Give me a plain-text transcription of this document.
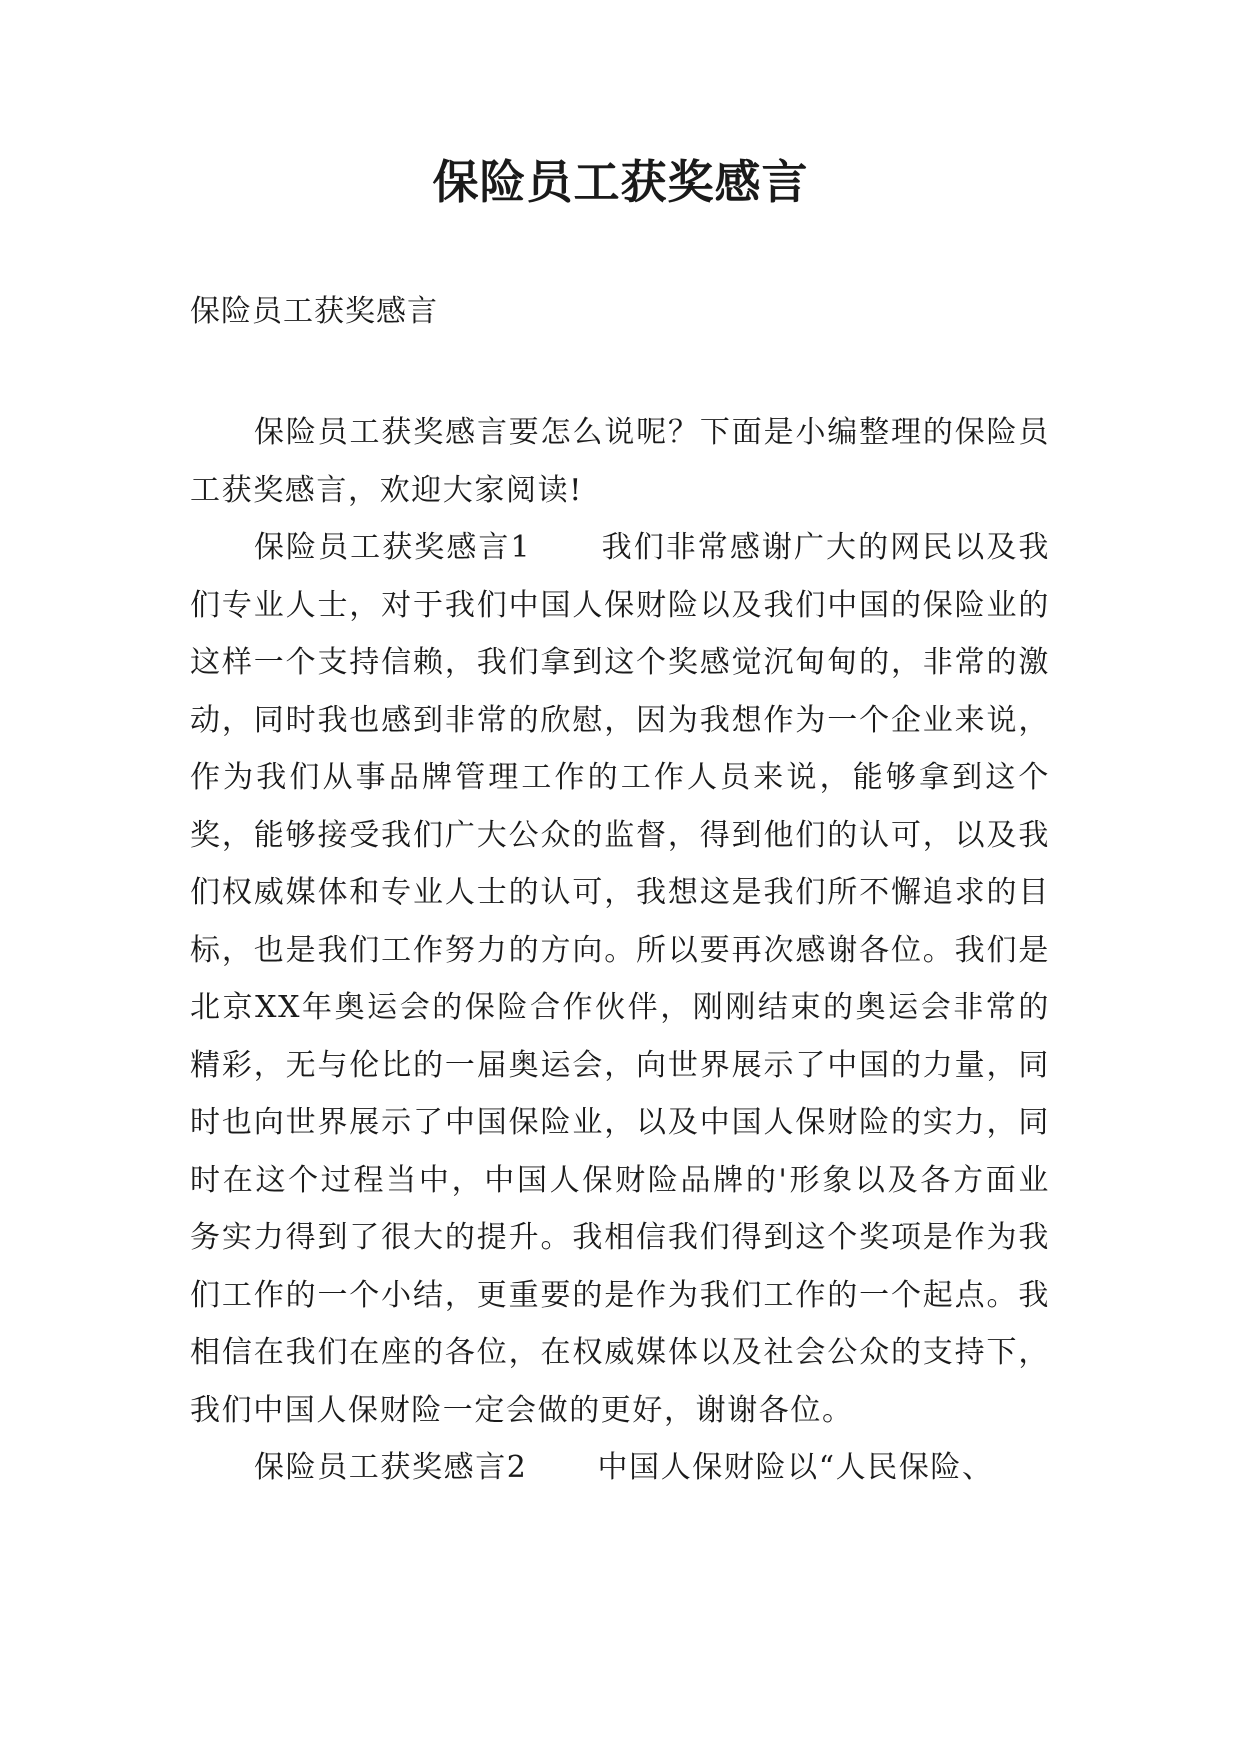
保险员工获奖感言

保险员工获奖感言

保险员工获奖感言要怎么说呢？下面是小编整理的保险员工获奖感言，欢迎大家阅读!

保险员工获奖感言1 我们非常感谢广大的网民以及我们专业人士，对于我们中国人保财险以及我们中国的保险业的这样一个支持信赖，我们拿到这个奖感觉沉甸甸的，非常的激动，同时我也感到非常的欣慰，因为我想作为一个企业来说，作为我们从事品牌管理工作的工作人员来说，能够拿到这个奖，能够接受我们广大公众的监督，得到他们的认可，以及我们权威媒体和专业人士的认可，我想这是我们所不懈追求的目标，也是我们工作努力的方向。所以要再次感谢各位。我们是北京XX年奥运会的保险合作伙伴，刚刚结束的奥运会非常的精彩，无与伦比的一届奥运会，向世界展示了中国的力量，同时也向世界展示了中国保险业，以及中国人保财险的实力，同时在这个过程当中，中国人保财险品牌的'形象以及各方面业务实力得到了很大的提升。我相信我们得到这个奖项是作为我们工作的一个小结，更重要的是作为我们工作的一个起点。我相信在我们在座的各位，在权威媒体以及社会公众的支持下，我们中国人保财险一定会做的更好，谢谢各位。

保险员工获奖感言2 中国人保财险以“人民保险、
